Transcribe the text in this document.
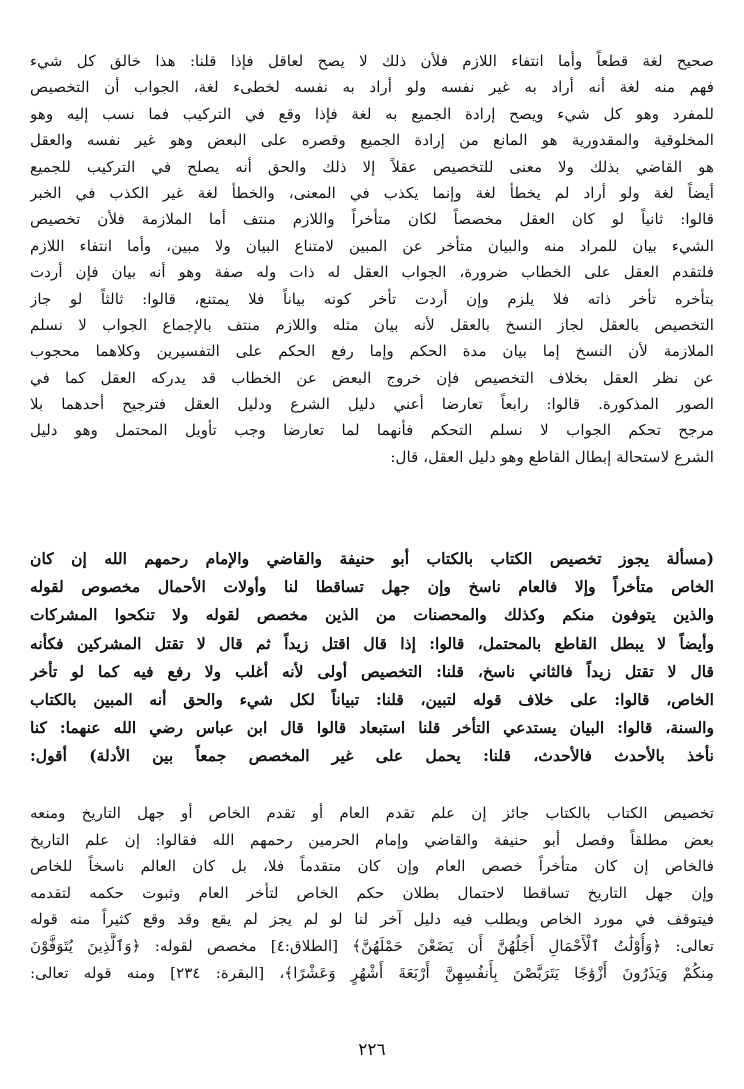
صحيح لغة قطعاً وأما انتفاء اللازم فلأن ذلك لا يصح لعاقل فإذا قلنا: هذا خالق كل شيء
فهم منه لغة أنه أراد به غير نفسه ولو أراد به نفسه لخطىء لغة، الجواب أن التخصيص
للمفرد وهو كل شيء ويصح إرادة الجميع به لغة فإذا وقع في التركيب فما نسب إليه وهو
المخلوقية والمقدورية هو المانع من إرادة الجميع وقصره على البعض وهو غير نفسه والعقل
هو القاضي بذلك ولا معنى للتخصيص عقلاً إلا ذلك والحق أنه يصلح في التركيب للجميع
أيضاً لغة ولو أراد لم يخطأ لغة وإنما يكذب في المعنى، والخطأ لغة غير الكذب في الخبر
قالوا: ثانياً لو كان العقل مخصصاً لكان متأخراً واللازم منتف أما الملازمة فلأن تخصيص
الشيء بيان للمراد منه والبيان متأخر عن المبين لامتناع البيان ولا مبين، وأما انتفاء اللازم
فلتقدم العقل على الخطاب ضرورة، الجواب العقل له ذات وله صفة وهو أنه بيان فإن أردت
بتأخره تأخر ذاته فلا يلزم وإن أردت تأخر كونه بياناً فلا يمتنع، قالوا: ثالثاً لو جاز
التخصيص بالعقل لجاز النسخ بالعقل لأنه بيان مثله واللازم منتف بالإجماع الجواب لا نسلم
الملازمة لأن النسخ إما بيان مدة الحكم وإما رفع الحكم على التفسيرين وكلاهما محجوب
عن نظر العقل بخلاف التخصيص فإن خروج البعض عن الخطاب قد يدركه العقل كما في
الصور المذكورة. قالوا: رابعاً تعارضا أعني دليل الشرع ودليل العقل فترجيح أحدهما بلا
مرجح تحكم الجواب لا نسلم التحكم فأنهما لما تعارضا وجب تأويل المحتمل وهو دليل
الشرع لاستحالة إبطال القاطع وهو دليل العقل، قال:
(مسألة يجوز تخصيص الكتاب بالكتاب أبو حنيفة والقاضي والإمام رحمهم الله إن كان
الخاص متأخراً وإلا فالعام ناسخ وإن جهل تساقطا لنا وأولات الأحمال مخصوص لقوله
والذين يتوفون منكم وكذلك والمحصنات من الذين مخصص لقوله ولا تنكحوا المشركات
وأيضاً لا يبطل القاطع بالمحتمل، قالوا: إذا قال اقتل زيداً ثم قال لا تقتل المشركين فكأنه
قال لا تقتل زيداً فالثاني ناسخ، قلنا: التخصيص أولى لأنه أغلب ولا رفع فيه كما لو تأخر
الخاص، قالوا: على خلاف قوله لتبين، قلنا: تبياناً لكل شيء والحق أنه المبين بالكتاب
والسنة، قالوا: البيان يستدعي التأخر قلنا استبعاد قالوا قال ابن عباس رضي الله عنهما: كنا
نأخذ بالأحدث فالأحدث، قلنا: يحمل على غير المخصص جمعاً بين الأدلة) أقول:
تخصيص الكتاب بالكتاب جائز إن علم تقدم العام أو تقدم الخاص أو جهل التاريخ ومنعه
بعض مطلقاً وفصل أبو حنيفة والقاضي وإمام الحرمين رحمهم الله فقالوا: إن علم التاريخ
فالخاص إن كان متأخراً خصص العام وإن كان متقدماً فلا، بل كان العالم ناسخاً للخاص
وإن جهل التاريخ تساقطا لاحتمال بطلان حكم الخاص لتأخر العام وثبوت حكمه لتقدمه
فيتوقف في مورد الخاص ويطلب فيه دليل آخر لنا لو لم يجز لم يقع وقد وقع كثيراً منه قوله
تعالى: ﴿وَأُوْلَٰتُ ٱلْأَحْمَالِ أَجَلُهُنَّ أَن يَضَعْنَ حَمْلَهُنَّ﴾ [الطلاق:٤] مخصص لقوله: ﴿وَٱلَّذِينَ يُتَوَفَّوْنَ
مِنكُمْ وَيَذَرُونَ أَزْوَٰجًا يَتَرَبَّصْنَ بِأَنفُسِهِنَّ أَرْبَعَةَ أَشْهُرٍ وَعَشْرًا﴾، [البقرة: ٢٣٤] ومنه قوله تعالى:
٢٢٦
